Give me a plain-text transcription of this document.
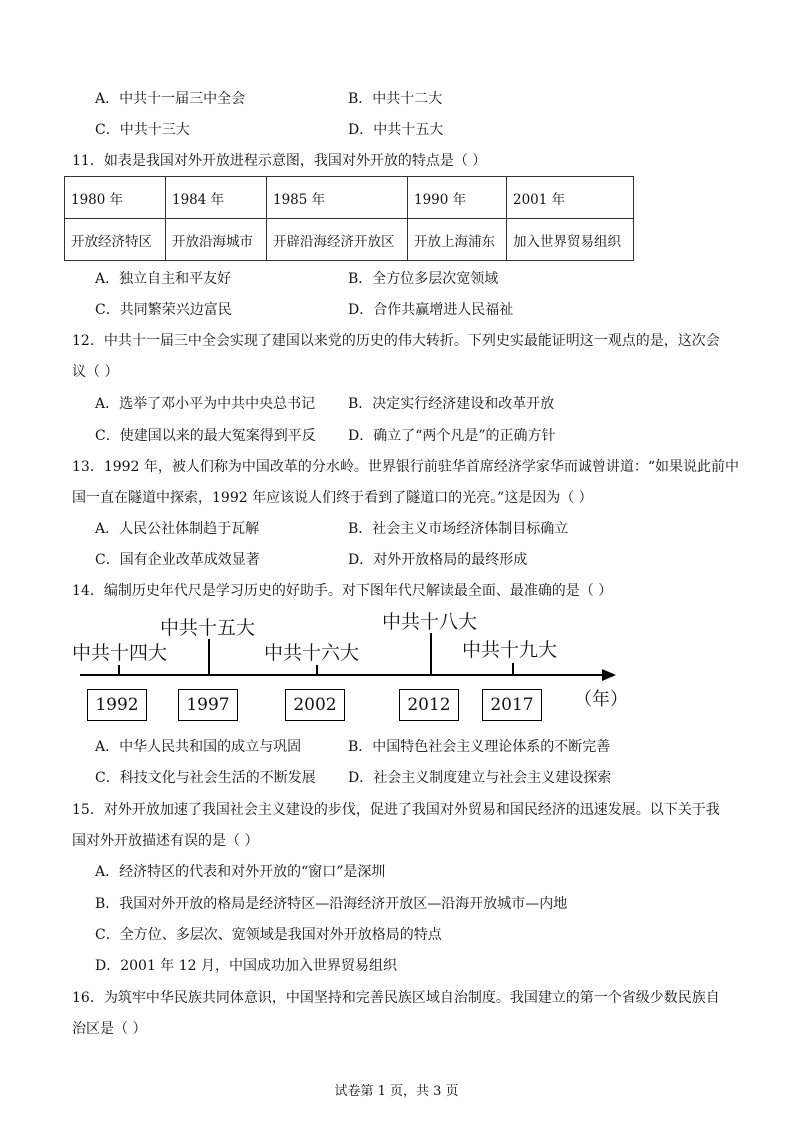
A．中共十一届三中全会	B．中共十二大
C．中共十三大	D．中共十五大
11．如表是我国对外开放进程示意图，我国对外开放的特点是（ ）
1980 年	1984 年	1985 年	1990 年	2001 年
开放经济特区	开放沿海城市	开辟沿海经济开放区	开放上海浦东	加入世界贸易组织
A．独立自主和平友好	B．全方位多层次宽领域
C．共同繁荣兴边富民	D．合作共赢增进人民福祉
12．中共十一届三中全会实现了建国以来党的历史的伟大转折。下列史实最能证明这一观点的是，这次会
议（ ）
A．选举了邓小平为中共中央总书记 B．决定实行经济建设和改革开放
C．使建国以来的最大冤案得到平反 D．确立了“两个凡是”的正确方针
13．1992 年，被人们称为中国改革的分水岭。世界银行前驻华首席经济学家华而诚曾讲道：“如果说此前中
国一直在隧道中探索，1992 年应该说人们终于看到了隧道口的光亮。”这是因为（ ）
A．人民公社体制趋于瓦解	B．社会主义市场经济体制目标确立
C．国有企业改革成效显著	D．对外开放格局的最终形成
14．编制历史年代尺是学习历史的好助手。对下图年代尺解读最全面、最准确的是（ ）
中共十四大
1992
中共十五大
1997
中共十六大
2002
中共十八大
2012
中共十九大
2017	（年）
A．中华人民共和国的成立与巩固	B．中国特色社会主义理论体系的不断完善
C．科技文化与社会生活的不断发展 D．社会主义制度建立与社会主义建设探索
15．对外开放加速了我国社会主义建设的步伐，促进了我国对外贸易和国民经济的迅速发展。以下关于我
国对外开放描述有误的是（ ）
A．经济特区的代表和对外开放的“窗口”是深圳
B．我国对外开放的格局是经济特区—沿海经济开放区—沿海开放城市—内地
C．全方位、多层次、宽领域是我国对外开放格局的特点
D．2001 年 12 月，中国成功加入世界贸易组织
16．为筑牢中华民族共同体意识，中国坚持和完善民族区域自治制度。我国建立的第一个省级少数民族自
治区是（ ）
试卷第 1 页，共 3 页
